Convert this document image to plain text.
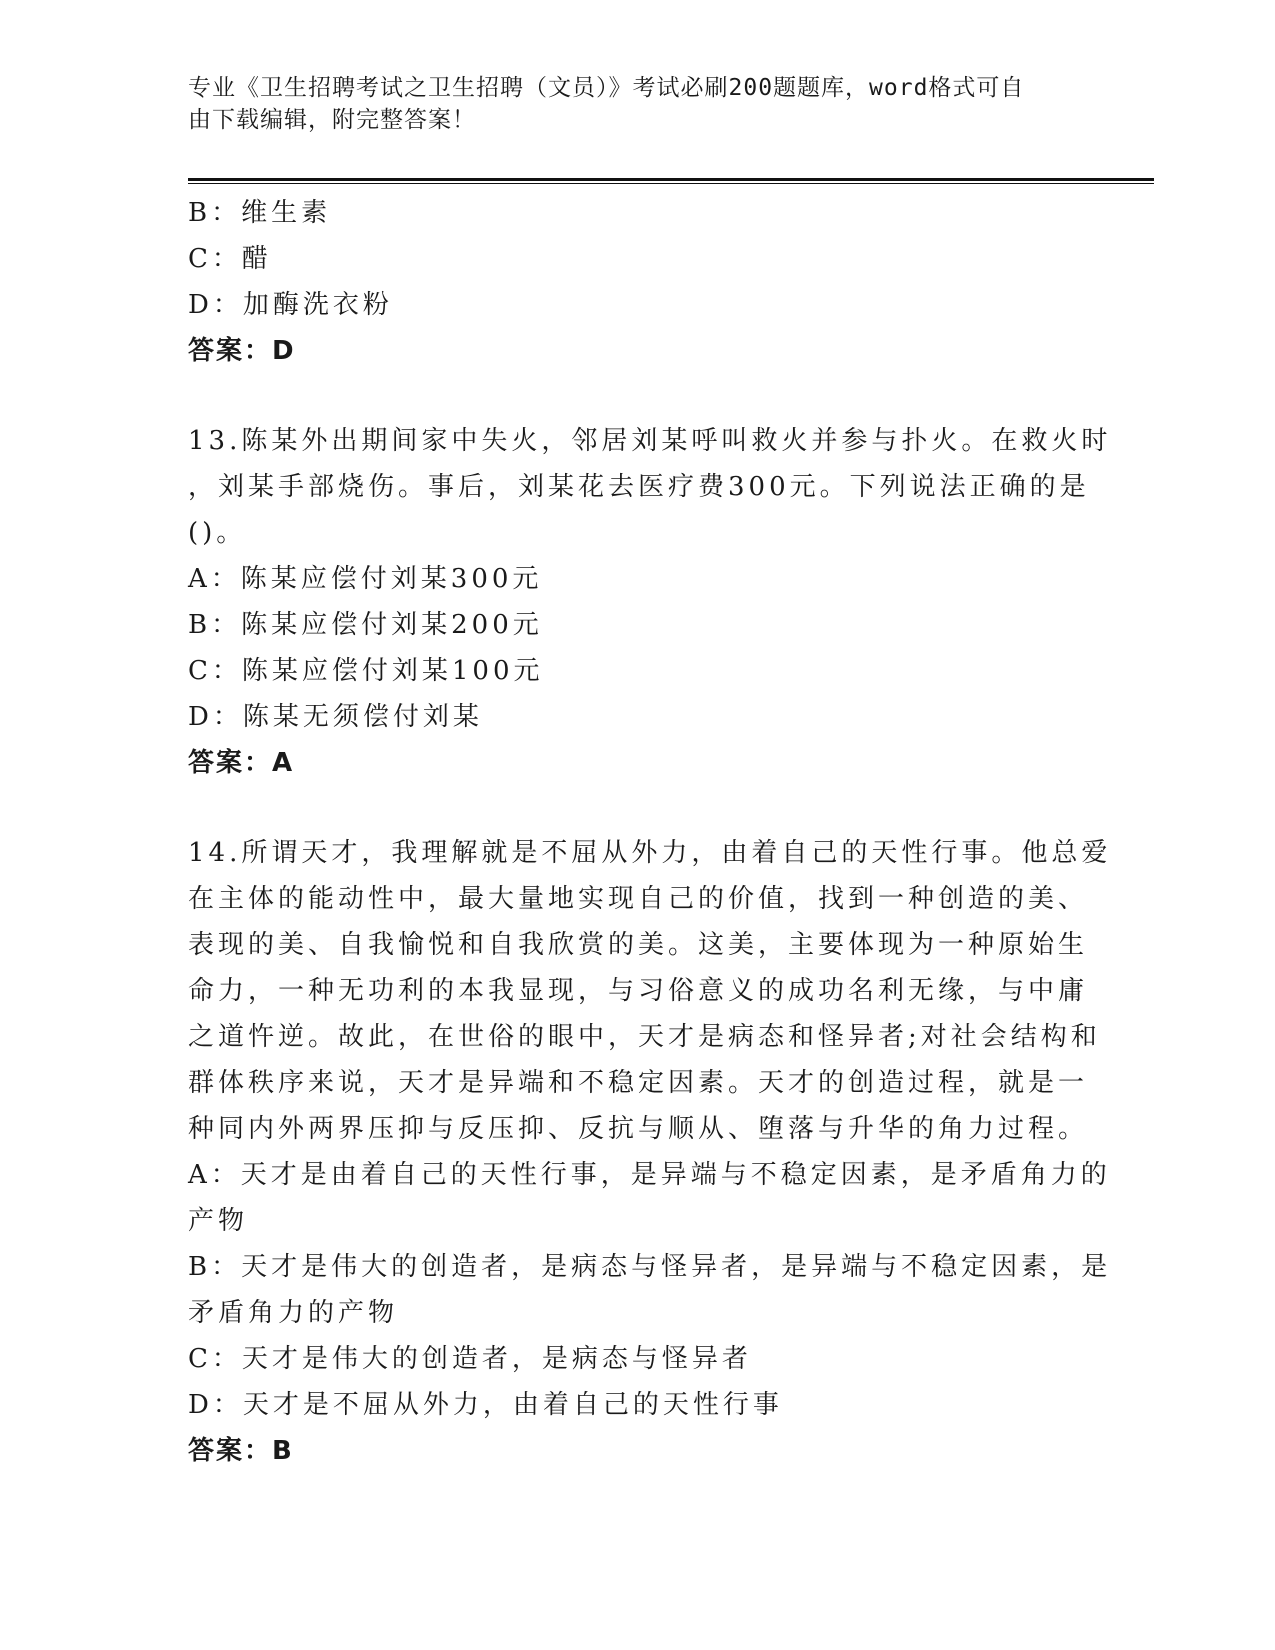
专业《卫生招聘考试之卫生招聘（文员）》考试必刷200题题库，word格式可自
由下载编辑，附完整答案！
B：维生素
C：醋
D：加酶洗衣粉
答案：D
13.陈某外出期间家中失火，邻居刘某呼叫救火并参与扑火。在救火时
，刘某手部烧伤。事后，刘某花去医疗费300元。下列说法正确的是
()。
A：陈某应偿付刘某300元
B：陈某应偿付刘某200元
C：陈某应偿付刘某100元
D：陈某无须偿付刘某
答案：A
14.所谓天才，我理解就是不屈从外力，由着自己的天性行事。他总爱
在主体的能动性中，最大量地实现自己的价值，找到一种创造的美、
表现的美、自我愉悦和自我欣赏的美。这美，主要体现为一种原始生
命力，一种无功利的本我显现，与习俗意义的成功名利无缘，与中庸
之道忤逆。故此，在世俗的眼中，天才是病态和怪异者;对社会结构和
群体秩序来说，天才是异端和不稳定因素。天才的创造过程，就是一
种同内外两界压抑与反压抑、反抗与顺从、堕落与升华的角力过程。
A：天才是由着自己的天性行事，是异端与不稳定因素，是矛盾角力的
产物
B：天才是伟大的创造者，是病态与怪异者，是异端与不稳定因素，是
矛盾角力的产物
C：天才是伟大的创造者，是病态与怪异者
D：天才是不屈从外力，由着自己的天性行事
答案：B
